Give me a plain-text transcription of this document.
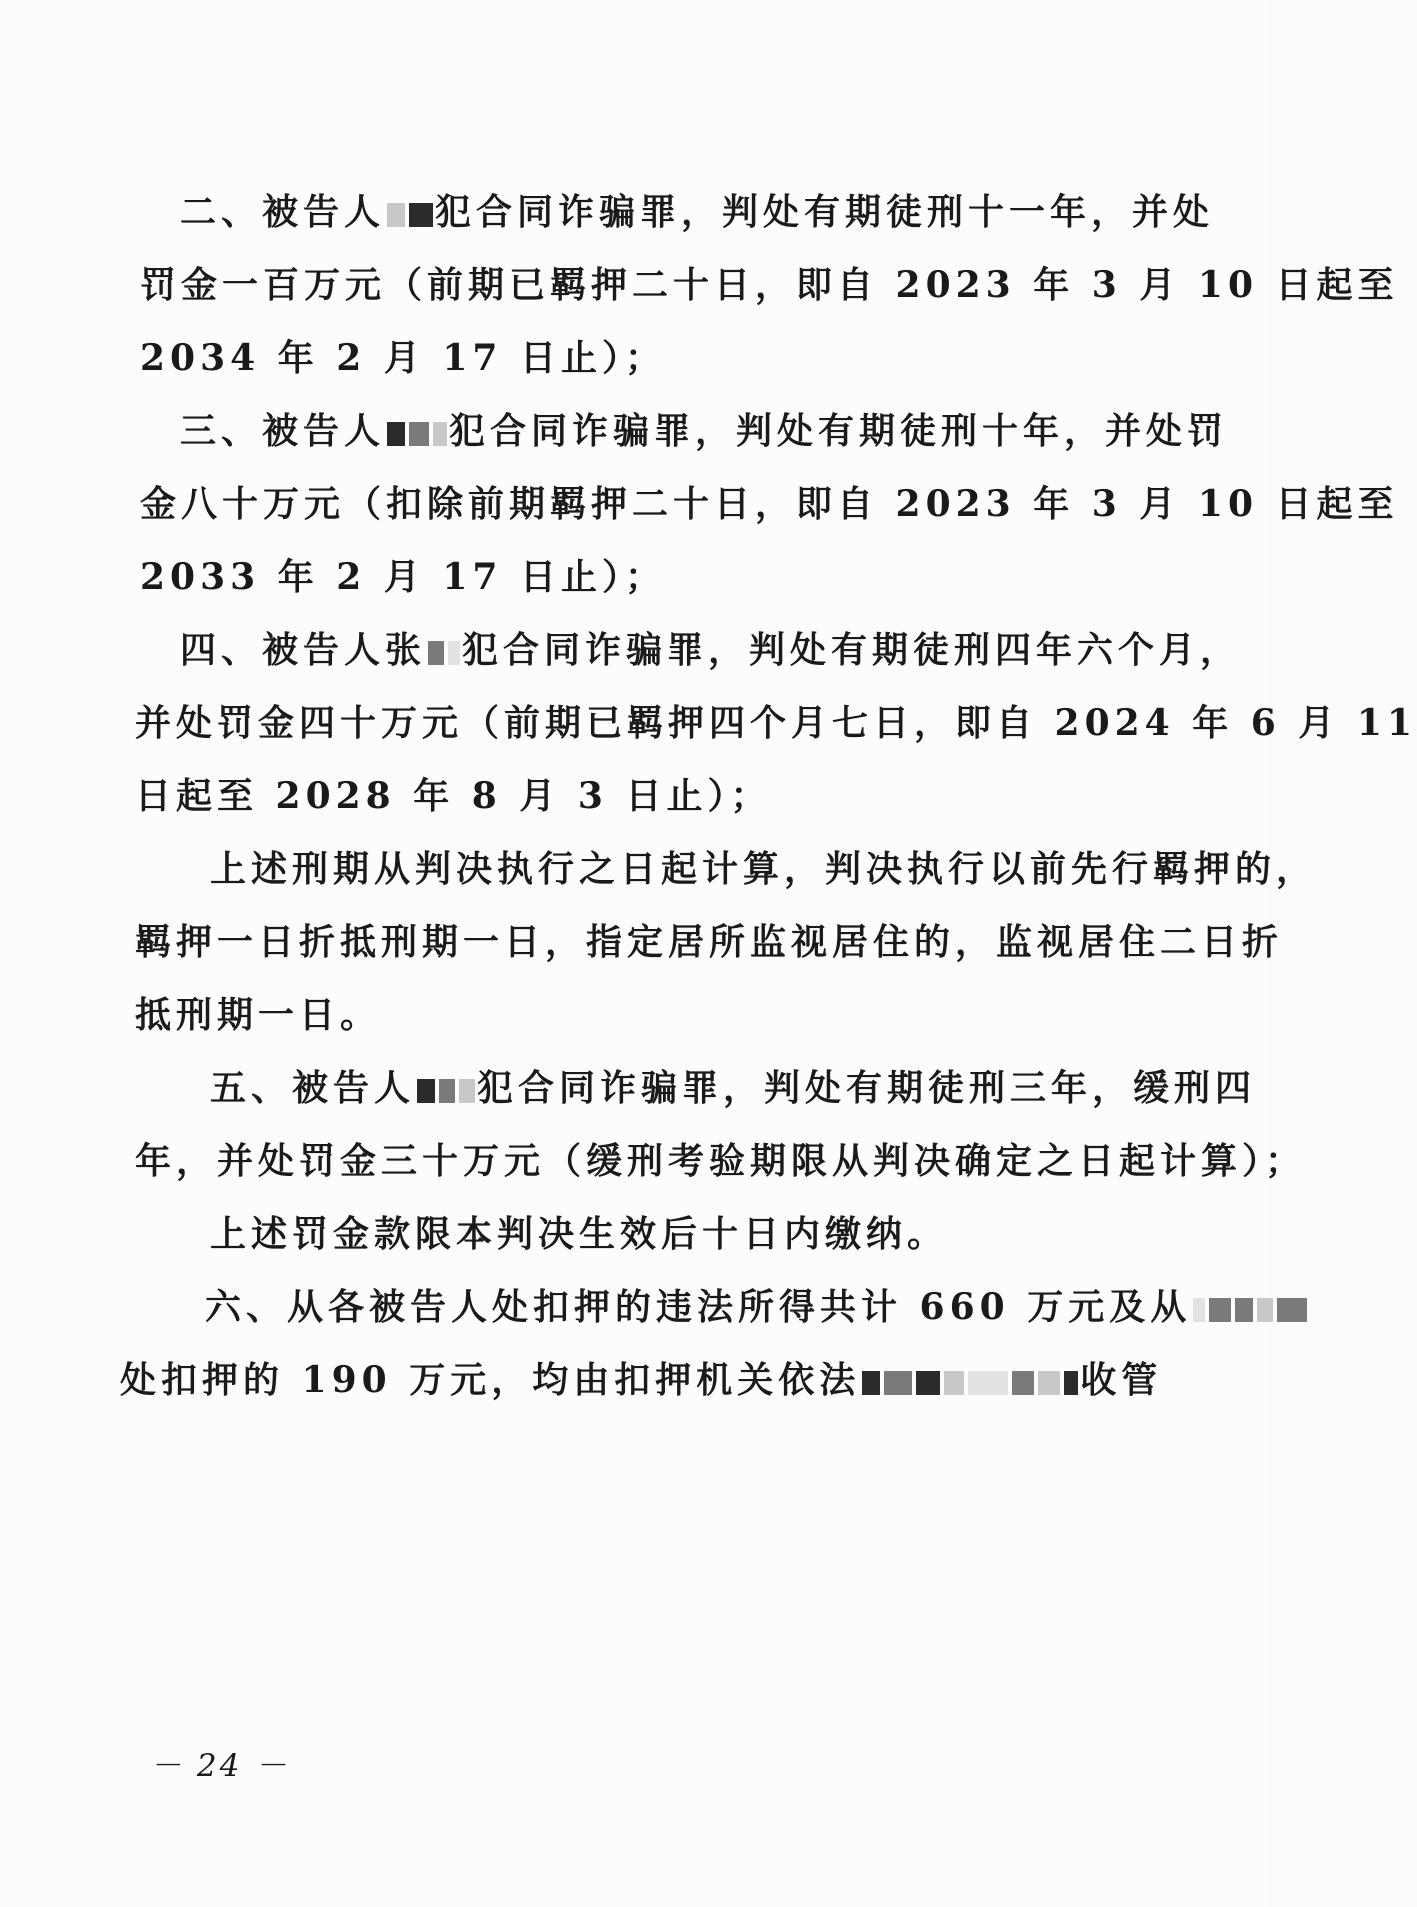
二、被告人 犯合同诈骗罪，判处有期徒刑十一年，并处
罚金一百万元（前期已羁押二十日，即自 2023 年 3 月 10 日起至
2034 年 2 月 17 日止）；
三、被告人 犯合同诈骗罪，判处有期徒刑十年，并处罚
金八十万元（扣除前期羁押二十日，即自 2023 年 3 月 10 日起至
2033 年 2 月 17 日止）；
四、被告人张 犯合同诈骗罪，判处有期徒刑四年六个月，
并处罚金四十万元（前期已羁押四个月七日，即自 2024 年 6 月 11
日起至 2028 年 8 月 3 日止）；
上述刑期从判决执行之日起计算，判决执行以前先行羁押的，
羁押一日折抵刑期一日，指定居所监视居住的，监视居住二日折
抵刑期一日。
五、被告人 犯合同诈骗罪，判处有期徒刑三年，缓刑四
年，并处罚金三十万元（缓刑考验期限从判决确定之日起计算）；
上述罚金款限本判决生效后十日内缴纳。
六、从各被告人处扣押的违法所得共计 660 万元及从
处扣押的 190 万元，均由扣押机关依法	收管
－ 24 －
